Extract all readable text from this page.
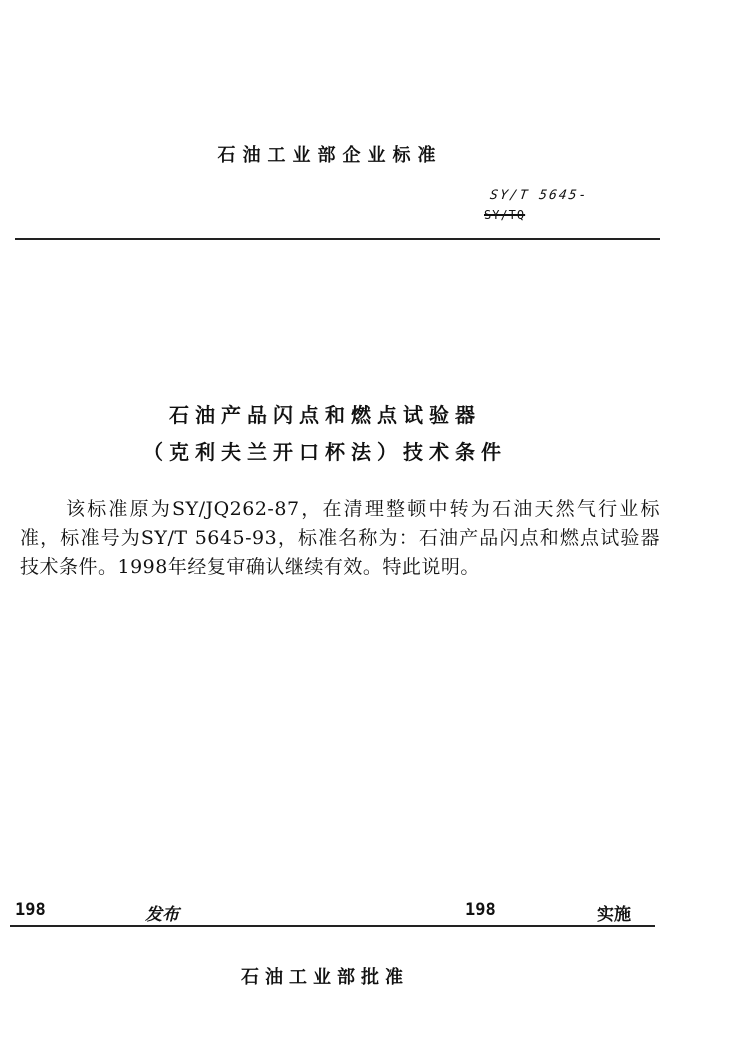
石油工业部企业标准
SY/T 5645-
SY/TQ
石油产品闪点和燃点试验器
（克利夫兰开口杯法）技术条件
该标准原为SY/JQ262-87，在清理整顿中转为石油天然气行业标准，标准号为SY/T 5645-93，标准名称为：石油产品闪点和燃点试验器技术条件。1998年经复审确认继续有效。特此说明。
198	发布	198	实施
石油工业部批准
